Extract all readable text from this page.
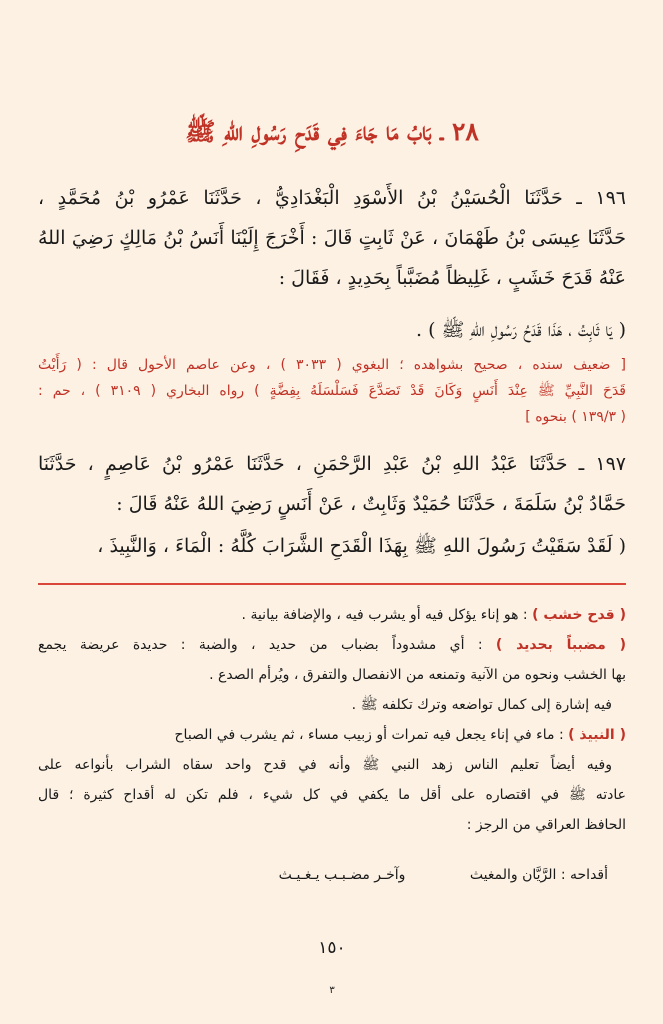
٢٨ ـ بَابُ مَا جَاءَ فِي قَدَحِ رَسُولِ اللهِ ﷺ
١٩٦ ـ حَدَّثَنَا الْحُسَيْنُ بْنُ الأَسْوَدِ الْبَغْدَادِيُّ ، حَدَّثَنَا عَمْرُو بْنُ مُحَمَّدٍ ،
حَدَّثَنَا عِيسَى بْنُ طَهْمَانَ ، عَنْ ثَابِتٍ قَالَ : أَخْرَجَ إِلَيْنَا أَنَسُ بْنُ مَالِكٍ رَضِيَ اللهُ
عَنْهُ قَدَحَ خَشَبٍ ، غَلِيظاً مُضَبَّباً بِحَدِيدٍ ، فَقَالَ :
( يَا ثَابِتُ ، هَذَا قَدَحُ رَسُولِ اللهِ ﷺ ) .
[ ضعيف سنده ، صحيح بشواهده ؛ البغوي ( ٣٠٣٣ ) ، وعن عاصم الأحول قال : ( رَأَيْتُ
قَدَحَ النَّبِيِّ ﷺ عِنْدَ أَنَسٍ وَكَانَ قَدْ تَصَدَّعَ فَسَلْسَلَهُ بِفِضَّةٍ ) رواه البخاري ( ٣١٠٩ ) ، حم :
( ١٣٩/٣ ) بنحوه ]
١٩٧ ـ حَدَّثَنَا عَبْدُ اللهِ بْنُ عَبْدِ الرَّحْمَنِ ، حَدَّثَنَا عَمْرُو بْنُ عَاصِمٍ ، حَدَّثَنَا
حَمَّادُ بْنُ سَلَمَةَ ، حَدَّثَنَا حُمَيْدٌ وَثَابِتٌ ، عَنْ أَنَسٍ رَضِيَ اللهُ عَنْهُ قَالَ :
( لَقَدْ سَقَيْتُ رَسُولَ اللهِ ﷺ بِهَذَا الْقَدَحِ الشَّرَابَ كُلَّهُ : الْمَاءَ ، وَالنَّبِيذَ ،
( قدح خشب ) : هو إناء يؤكل فيه أو يشرب فيه ، والإضافة بيانية .
( مضبباً بحديد ) : أي مشدوداً بضباب من حديد ، والضبة : حديدة عريضة يجمع
بها الخشب ونحوه من الآنية وتمنعه من الانفصال والتفرق ، ويُرأم الصدع .
فيه إشارة إلى كمال تواضعه وترك تكلفه ﷺ .
( النبيذ ) : ماء في إناء يجعل فيه تمرات أو زبيب مساء ، ثم يشرب في الصباح
وفيه أيضاً تعليم الناس زهد النبي ﷺ وأنه في قدح واحد سقاه الشراب بأنواعه على
عادته ﷺ في اقتصاره على أقل ما يكفي في كل شيء ، فلم تكن له أقداح كثيرة ؛ قال
الحافظ العراقي من الرجز :
أقداحه : الرَّيَّان والمغيث وآخـر مضـبـب يـغـيـث
١٥٠
٣
